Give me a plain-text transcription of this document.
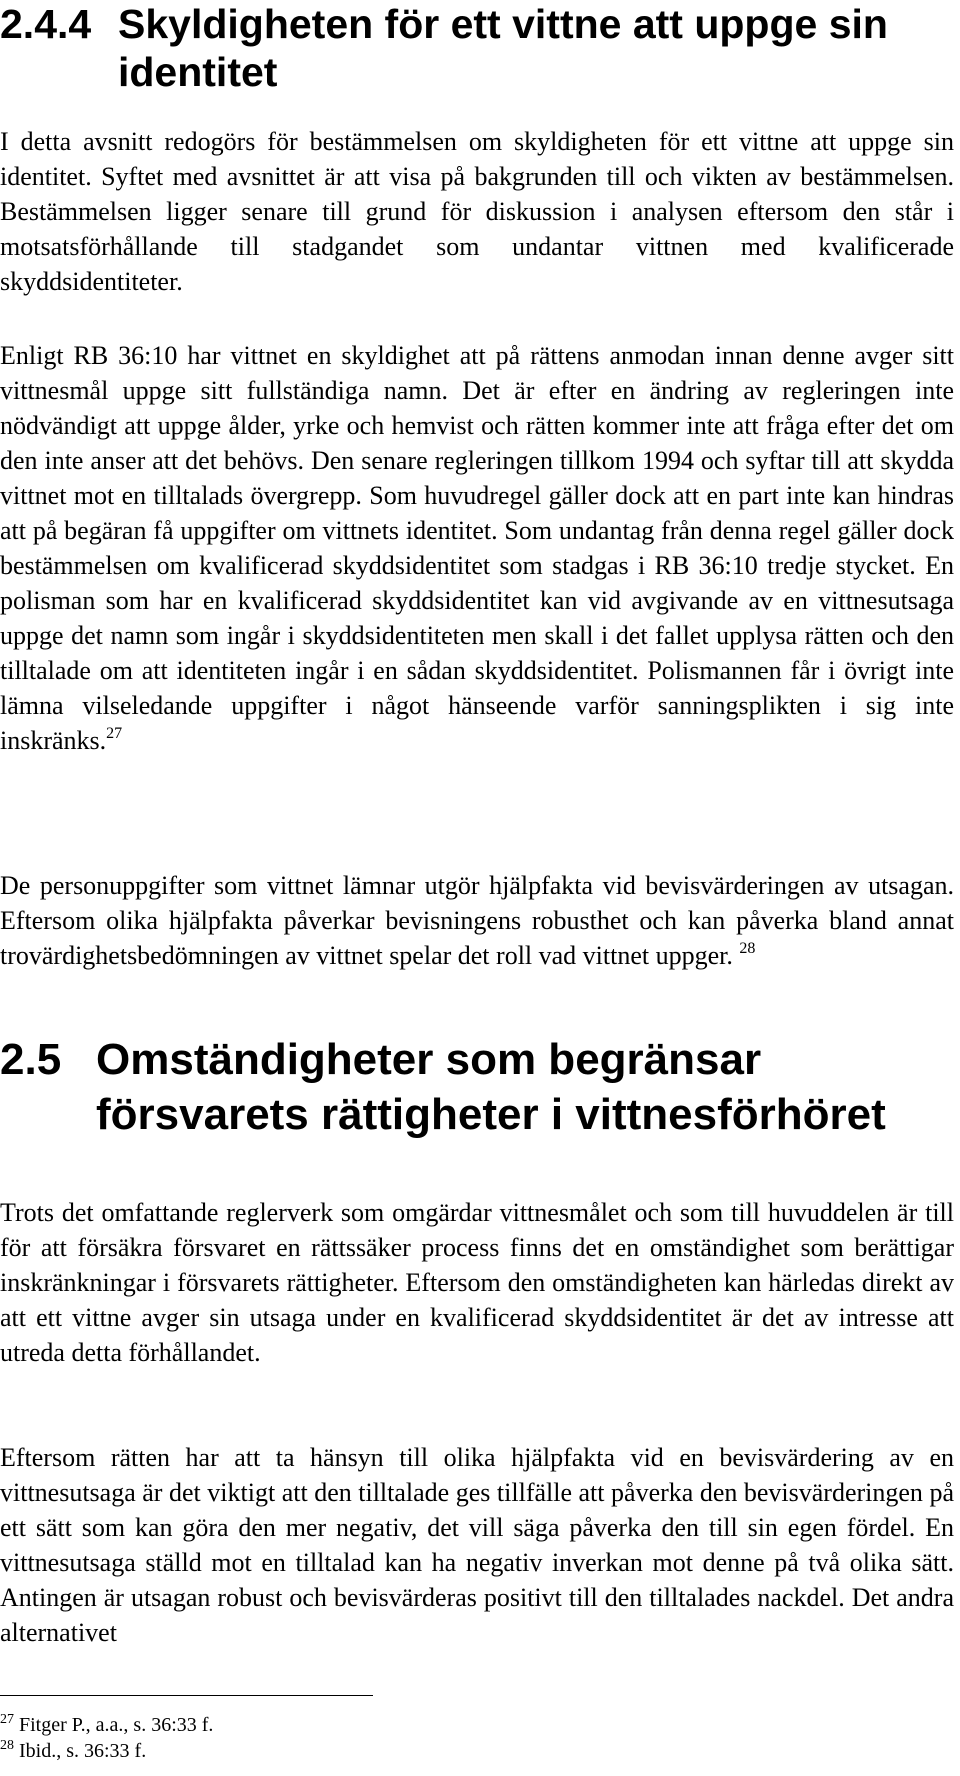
2.4.4 Skyldigheten för ett vittne att uppge sin identitet

I detta avsnitt redogörs för bestämmelsen om skyldigheten för ett vittne att uppge sin identitet. Syftet med avsnittet är att visa på bakgrunden till och vikten av bestämmelsen. Bestämmelsen ligger senare till grund för diskussion i analysen eftersom den står i motsatsförhållande till stadgandet som undantar vittnen med kvalificerade skyddsidentiteter.

Enligt RB 36:10 har vittnet en skyldighet att på rättens anmodan innan denne avger sitt vittnesmål uppge sitt fullständiga namn. Det är efter en ändring av regleringen inte nödvändigt att uppge ålder, yrke och hemvist och rätten kommer inte att fråga efter det om den inte anser att det behövs. Den senare regleringen tillkom 1994 och syftar till att skydda vittnet mot en tilltalads övergrepp. Som huvudregel gäller dock att en part inte kan hindras att på begäran få uppgifter om vittnets identitet. Som undantag från denna regel gäller dock bestämmelsen om kvalificerad skyddsidentitet som stadgas i RB 36:10 tredje stycket. En polisman som har en kvalificerad skyddsidentitet kan vid avgivande av en vittnesutsaga uppge det namn som ingår i skyddsidentiteten men skall i det fallet upplysa rätten och den tilltalade om att identiteten ingår i en sådan skyddsidentitet. Polismannen får i övrigt inte lämna vilseledande uppgifter i något hänseende varför sanningsplikten i sig inte inskränks.$^{27}$

De personuppgifter som vittnet lämnar utgör hjälpfakta vid bevisvärderingen av utsagan. Eftersom olika hjälpfakta påverkar bevisningens robusthet och kan påverka bland annat trovärdighetsbedömningen av vittnet spelar det roll vad vittnet uppger. $^{28}$

2.5 Omständigheter som begränsar försvarets rättigheter i vittnesförhöret

Trots det omfattande reglerverk som omgärdar vittnesmålet och som till huvuddelen är till för att försäkra försvaret en rättssäker process finns det en omständighet som berättigar inskränkningar i försvarets rättigheter. Eftersom den omständigheten kan härledas direkt av att ett vittne avger sin utsaga under en kvalificerad skyddsidentitet är det av intresse att utreda detta förhållandet.

Eftersom rätten har att ta hänsyn till olika hjälpfakta vid en bevisvärdering av en vittnesutsaga är det viktigt att den tilltalade ges tillfälle att påverka den bevisvärderingen på ett sätt som kan göra den mer negativ, det vill säga påverka den till sin egen fördel. En vittnesutsaga ställd mot en tilltalad kan ha negativ inverkan mot denne på två olika sätt. Antingen är utsagan robust och bevisvärderas positivt till den tilltalades nackdel. Det andra alternativet

$^{27}$ Fitger P., a.a., s. 36:33 f.
$^{28}$ Ibid., s. 36:33 f.
